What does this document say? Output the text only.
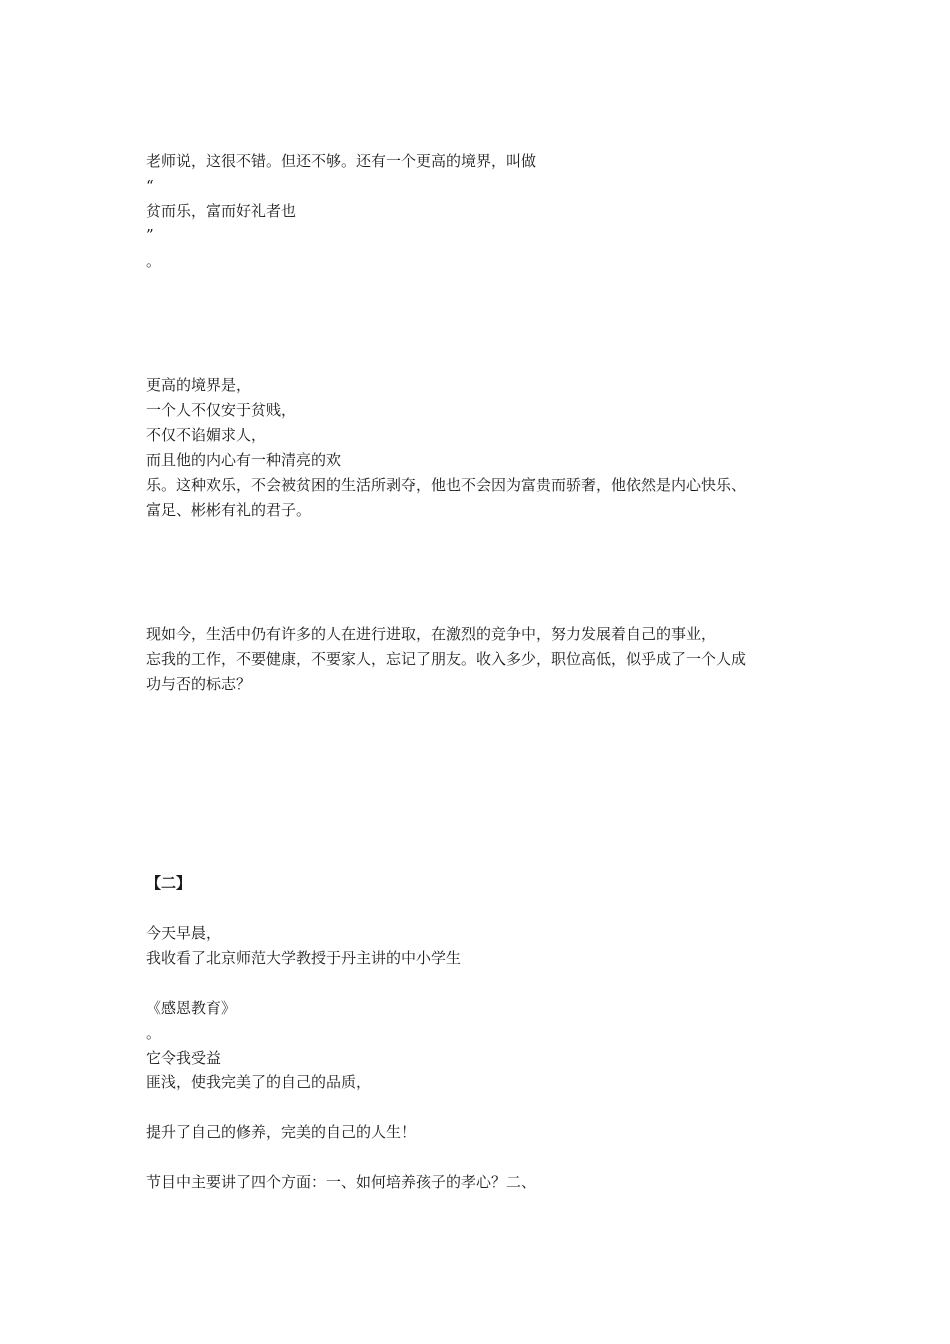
老师说，这很不错。但还不够。还有一个更高的境界，叫做

“

贫而乐，富而好礼者也

”

。

更高的境界是，

一个人不仅安于贫贱，

不仅不谄媚求人，

而且他的内心有一种清亮的欢

乐。这种欢乐，不会被贫困的生活所剥夺，他也不会因为富贵而骄奢，他依然是内心快乐、

富足、彬彬有礼的君子。

现如今，生活中仍有许多的人在进行进取，在激烈的竞争中，努力发展着自己的事业，

忘我的工作，不要健康，不要家人，忘记了朋友。收入多少，职位高低，似乎成了一个人成

功与否的标志？

【二】

今天早晨，

我收看了北京师范大学教授于丹主讲的中小学生

《感恩教育》

。

它令我受益

匪浅，使我完美了的自己的品质，

提升了自己的修养，完美的自己的人生！

节目中主要讲了四个方面：一、如何培养孩子的孝心？二、
